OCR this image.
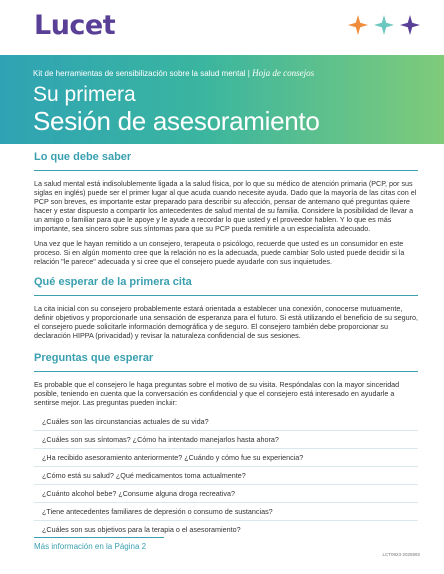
Lucet
Kit de herramientas de sensibilización sobre la salud mental | Hoja de consejos
Su primera
Sesión de asesoramiento
Lo que debe saber

La salud mental está indisolublemente ligada a la salud física, por lo que su médico de atención primaria (PCP, por sus siglas en inglés) puede ser el primer lugar al que acuda cuando necesite ayuda. Dado que la mayoría de las citas con el PCP son breves, es importante estar preparado para describir su afección, pensar de antemano qué preguntas quiere hacer y estar dispuesto a compartir los antecedentes de salud mental de su familia. Considere la posibilidad de llevar a un amigo o familiar para que le apoye y le ayude a recordar lo que usted y el proveedor hablen. Y lo que es más importante, sea sincero sobre sus síntomas para que su PCP pueda remitirle a un especialista adecuado.

Una vez que le hayan remitido a un consejero, terapeuta o psicólogo, recuerde que usted es un consumidor en este proceso. Si en algún momento cree que la relación no es la adecuada, puede cambiar Solo usted puede decidir si la relación "le parece" adecuada y si cree que el consejero puede ayudarle con sus inquietudes.

Qué esperar de la primera cita

La cita inicial con su consejero probablemente estará orientada a establecer una conexión, conocerse mutuamente, definir objetivos y proporcionarle una sensación de esperanza para el futuro. Si está utilizando el beneficio de su seguro, el consejero puede solicitarle información demográfica y de seguro. El consejero también debe proporcionar su declaración HIPPA (privacidad) y revisar la naturaleza confidencial de sus sesiones.

Preguntas que esperar

Es probable que el consejero le haga preguntas sobre el motivo de su visita. Respóndalas con la mayor sinceridad posible, teniendo en cuenta que la conversación es confidencial y que el consejero está interesado en ayudarle a sentirse mejor. Las preguntas pueden incluir:

¿Cuáles son las circunstancias actuales de su vida?
¿Cuáles son sus síntomas? ¿Cómo ha intentado manejarlos hasta ahora?
¿Ha recibido asesoramiento anteriormente? ¿Cuándo y cómo fue su experiencia?
¿Cómo está su salud? ¿Qué medicamentos toma actualmente?
¿Cuánto alcohol bebe? ¿Consume alguna droga recreativa?
¿Tiene antecedentes familiares de depresión o consumo de sustancias?
¿Cuáles son sus objetivos para la terapia o el asesoramiento?
Más información en la Página 2
LCT0923-2026992
